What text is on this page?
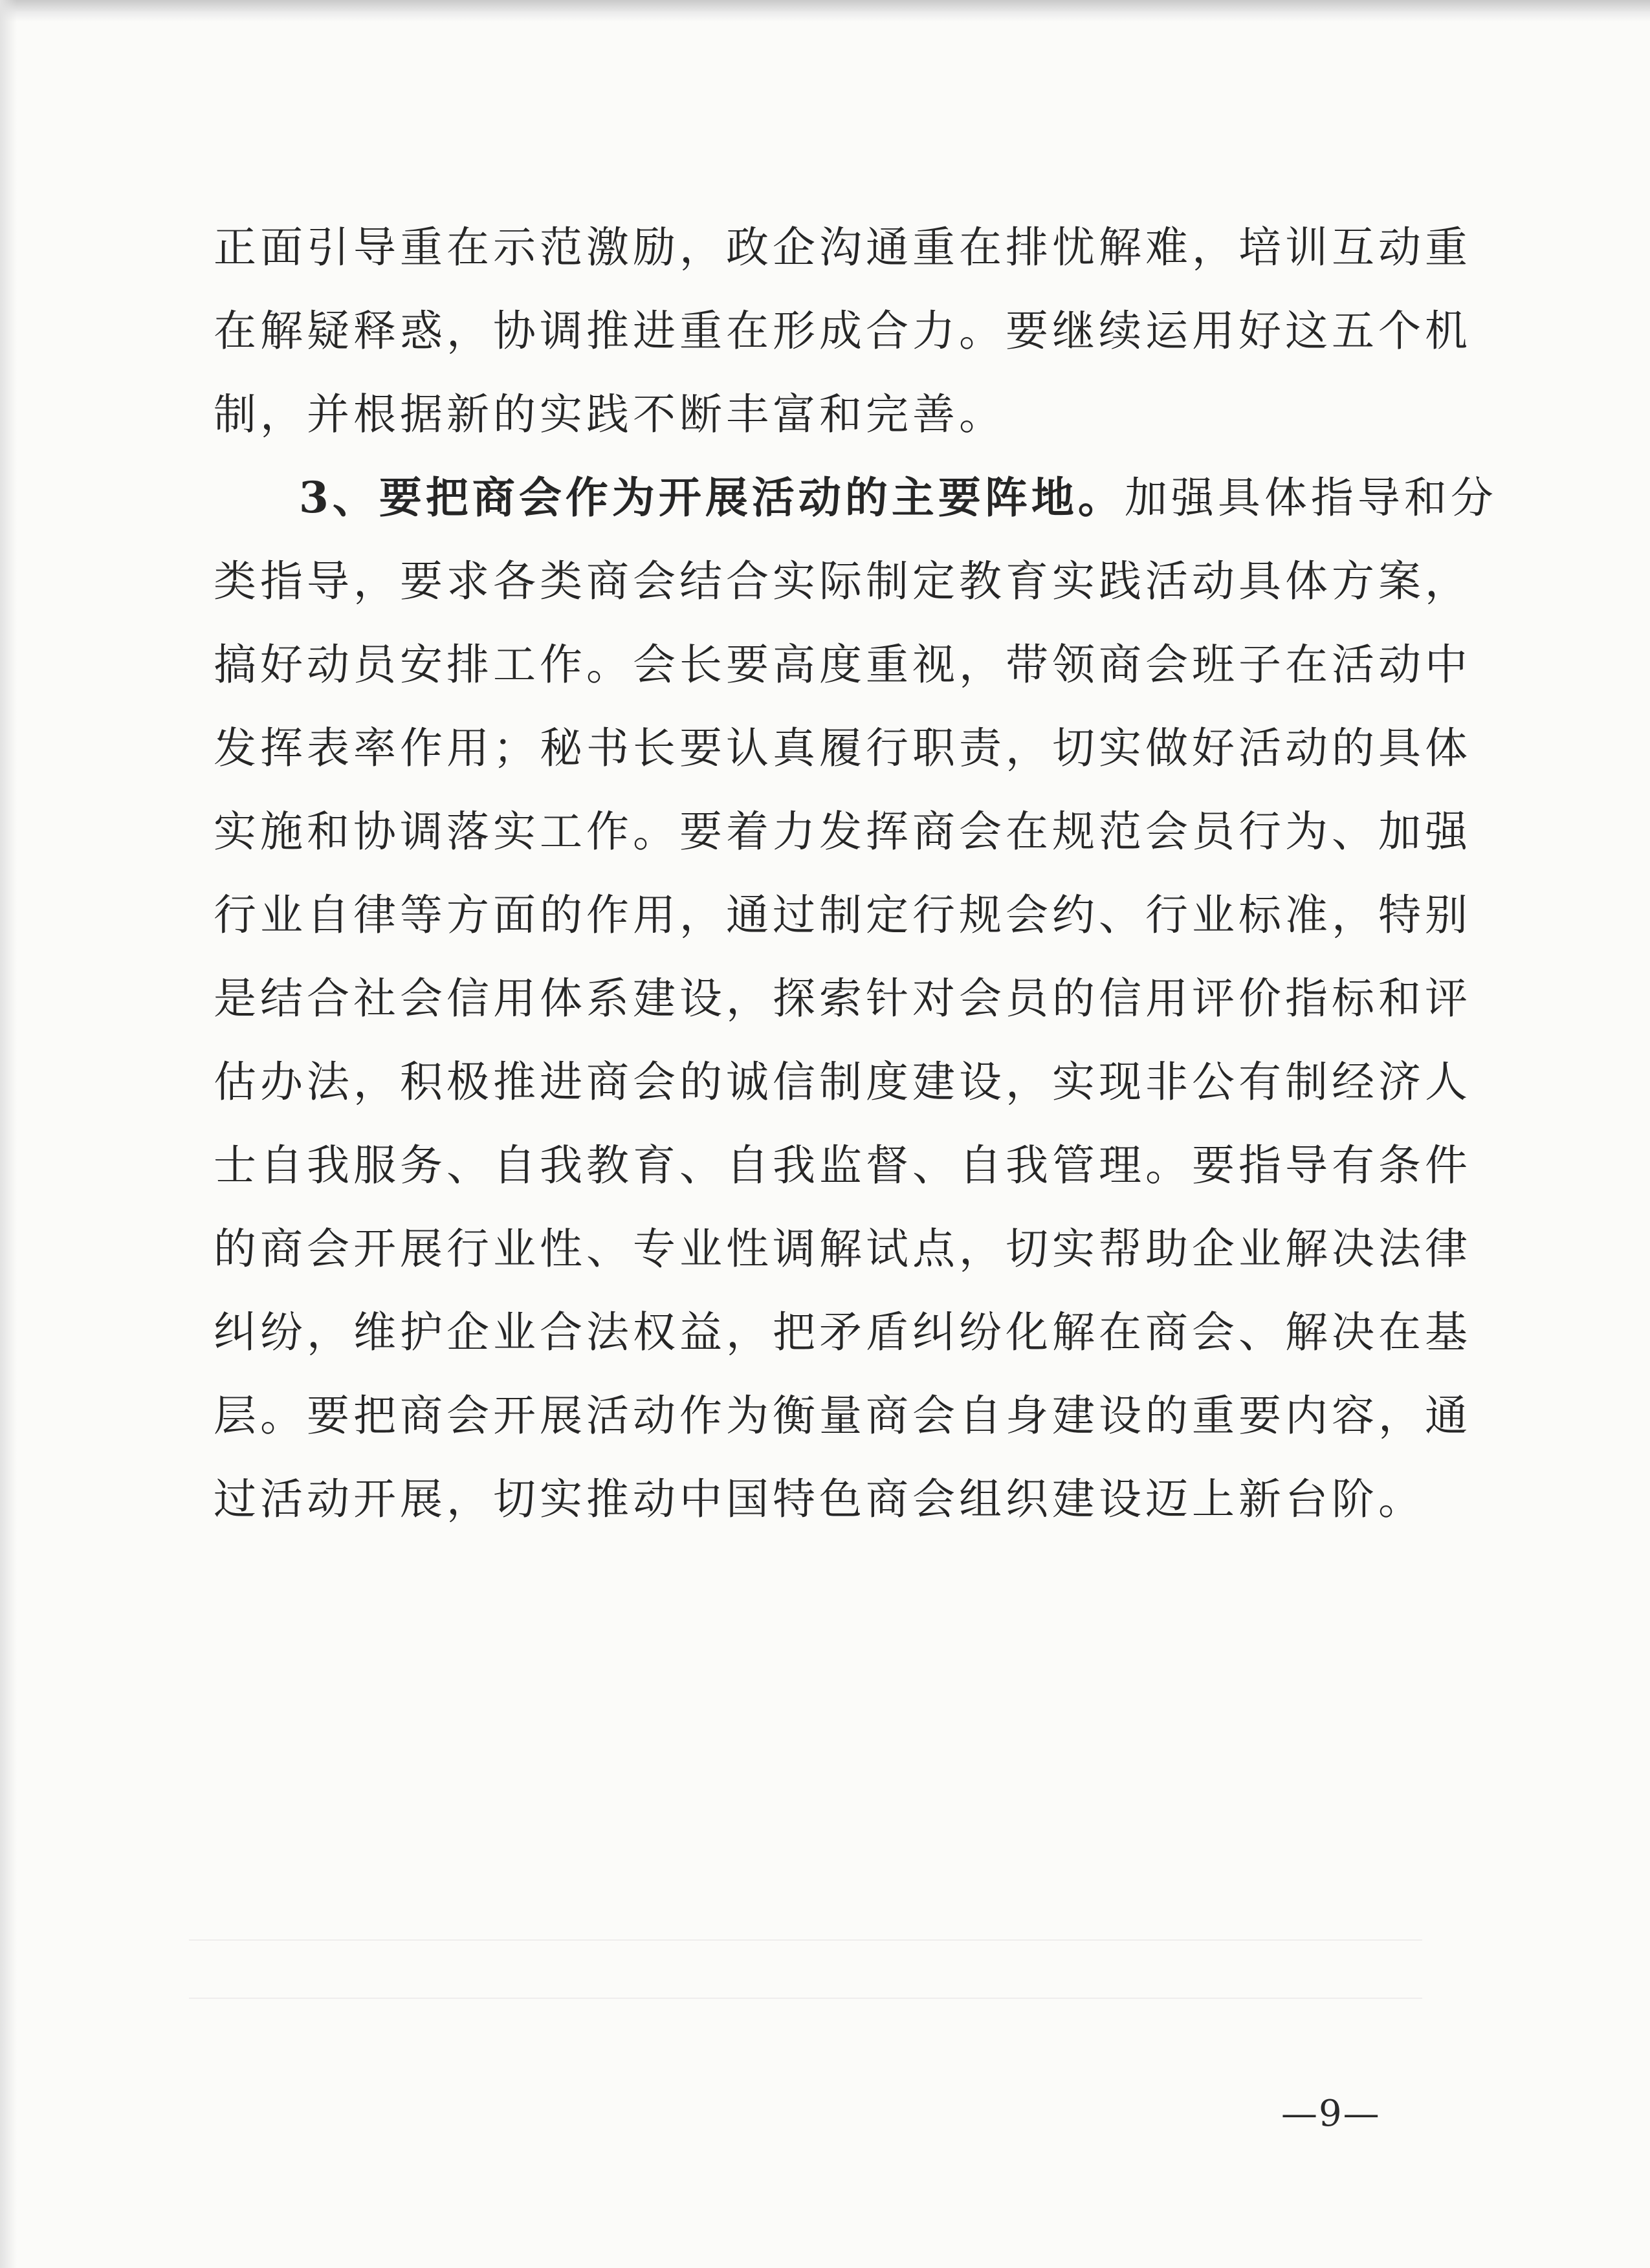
正面引导重在示范激励，政企沟通重在排忧解难，培训互动重
在解疑释惑，协调推进重在形成合力。要继续运用好这五个机
制，并根据新的实践不断丰富和完善。
3、要把商会作为开展活动的主要阵地。加强具体指导和分
类指导，要求各类商会结合实际制定教育实践活动具体方案，
搞好动员安排工作。会长要高度重视，带领商会班子在活动中
发挥表率作用；秘书长要认真履行职责，切实做好活动的具体
实施和协调落实工作。要着力发挥商会在规范会员行为、加强
行业自律等方面的作用，通过制定行规会约、行业标准，特别
是结合社会信用体系建设，探索针对会员的信用评价指标和评
估办法，积极推进商会的诚信制度建设，实现非公有制经济人
士自我服务、自我教育、自我监督、自我管理。要指导有条件
的商会开展行业性、专业性调解试点，切实帮助企业解决法律
纠纷，维护企业合法权益，把矛盾纠纷化解在商会、解决在基
层。要把商会开展活动作为衡量商会自身建设的重要内容，通
过活动开展，切实推动中国特色商会组织建设迈上新台阶。
—9—
